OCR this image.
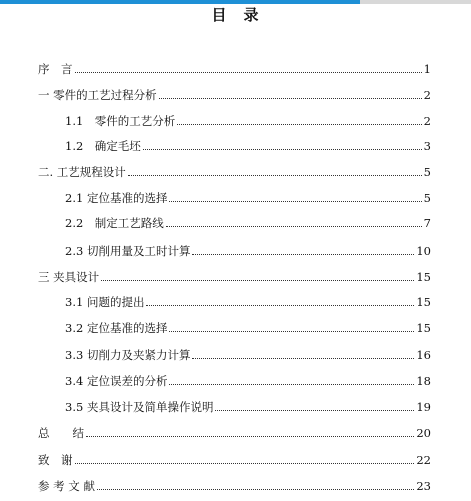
目　录
序　言	1
一 零件的工艺过程分析	2
1.1　零件的工艺分析	2
1.2　确定毛坯	3
二. 工艺规程设计	5
2.1 定位基准的选择	5
2.2　制定工艺路线	7
2.3 切削用量及工时计算	10
三 夹具设计	15
3.1 问题的提出	15
3.2 定位基准的选择	15
3.3 切削力及夹紧力计算	16
3.4 定位误差的分析	18
3.5 夹具设计及简单操作说明	19
总　　结	20
致　谢	22
参 考 文 献	23
